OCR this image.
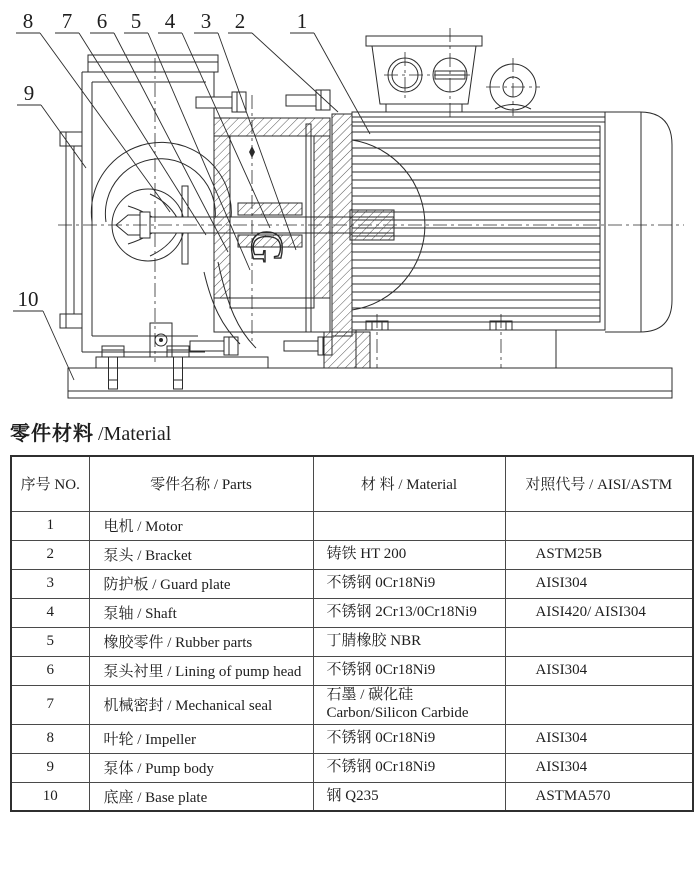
G
1
2
3
4
5
6
7
8
9
10
零件材料 /Material
序号 NO.	零件名称 / Parts	材 料 / Material	对照代号 / AISI/ASTM
1	电机 / Motor		
2	泵头 / Bracket	铸铁 HT 200	ASTM25B
3	防护板 / Guard plate	不锈钢 0Cr18Ni9	AISI304
4	泵轴 / Shaft	不锈钢 2Cr13/0Cr18Ni9	AISI420/ AISI304
5	橡胶零件 / Rubber parts	丁腈橡胶 NBR	
6	泵头衬里 / Lining of pump head	不锈钢 0Cr18Ni9	AISI304
7	机械密封 / Mechanical seal	石墨 / 碳化硅
Carbon/Silicon Carbide	

8	叶轮 / Impeller	不锈钢 0Cr18Ni9	AISI304
9	泵体 / Pump body	不锈钢 0Cr18Ni9	AISI304
10	底座 / Base plate	钢 Q235	ASTMA570
